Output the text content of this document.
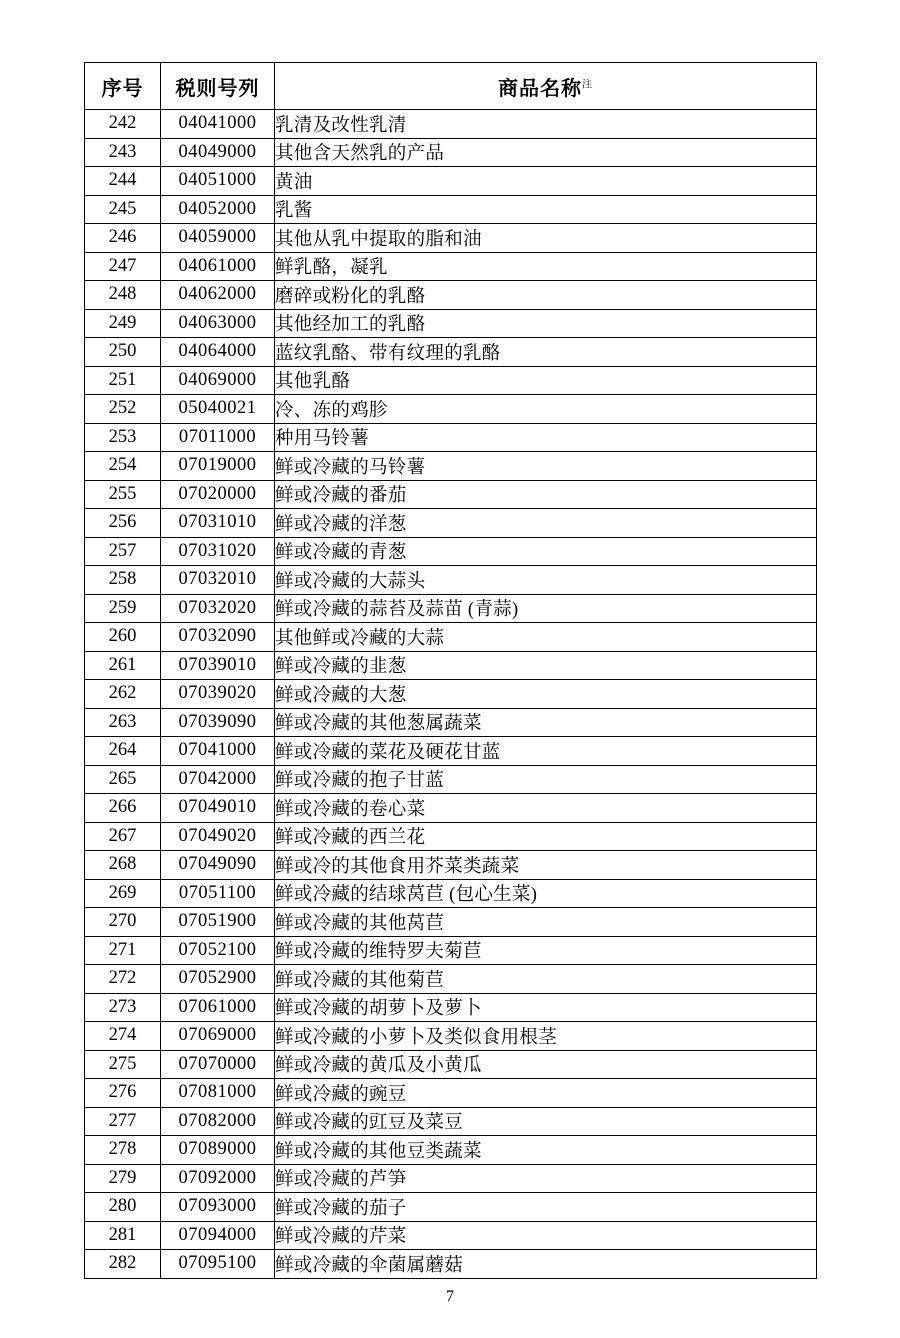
序号	税则号列	商品名称$^注$
242	04041000	乳清及改性乳清
243	04049000	其他含天然乳的产品
244	04051000	黄油
245	04052000	乳酱
246	04059000	其他从乳中提取的脂和油
247	04061000	鲜乳酪，凝乳
248	04062000	磨碎或粉化的乳酪
249	04063000	其他经加工的乳酪
250	04064000	蓝纹乳酪、带有纹理的乳酪
251	04069000	其他乳酪
252	05040021	冷、冻的鸡胗
253	07011000	种用马铃薯
254	07019000	鲜或冷藏的马铃薯
255	07020000	鲜或冷藏的番茄
256	07031010	鲜或冷藏的洋葱
257	07031020	鲜或冷藏的青葱
258	07032010	鲜或冷藏的大蒜头
259	07032020	鲜或冷藏的蒜苔及蒜苗 (青蒜)
260	07032090	其他鲜或冷藏的大蒜
261	07039010	鲜或冷藏的韭葱
262	07039020	鲜或冷藏的大葱
263	07039090	鲜或冷藏的其他葱属蔬菜
264	07041000	鲜或冷藏的菜花及硬花甘蓝
265	07042000	鲜或冷藏的抱子甘蓝
266	07049010	鲜或冷藏的卷心菜
267	07049020	鲜或冷藏的西兰花
268	07049090	鲜或冷的其他食用芥菜类蔬菜
269	07051100	鲜或冷藏的结球莴苣 (包心生菜)
270	07051900	鲜或冷藏的其他莴苣
271	07052100	鲜或冷藏的维特罗夫菊苣
272	07052900	鲜或冷藏的其他菊苣
273	07061000	鲜或冷藏的胡萝卜及萝卜
274	07069000	鲜或冷藏的小萝卜及类似食用根茎
275	07070000	鲜或冷藏的黄瓜及小黄瓜
276	07081000	鲜或冷藏的豌豆
277	07082000	鲜或冷藏的豇豆及菜豆
278	07089000	鲜或冷藏的其他豆类蔬菜
279	07092000	鲜或冷藏的芦笋
280	07093000	鲜或冷藏的茄子
281	07094000	鲜或冷藏的芹菜
282	07095100	鲜或冷藏的伞菌属蘑菇
7
